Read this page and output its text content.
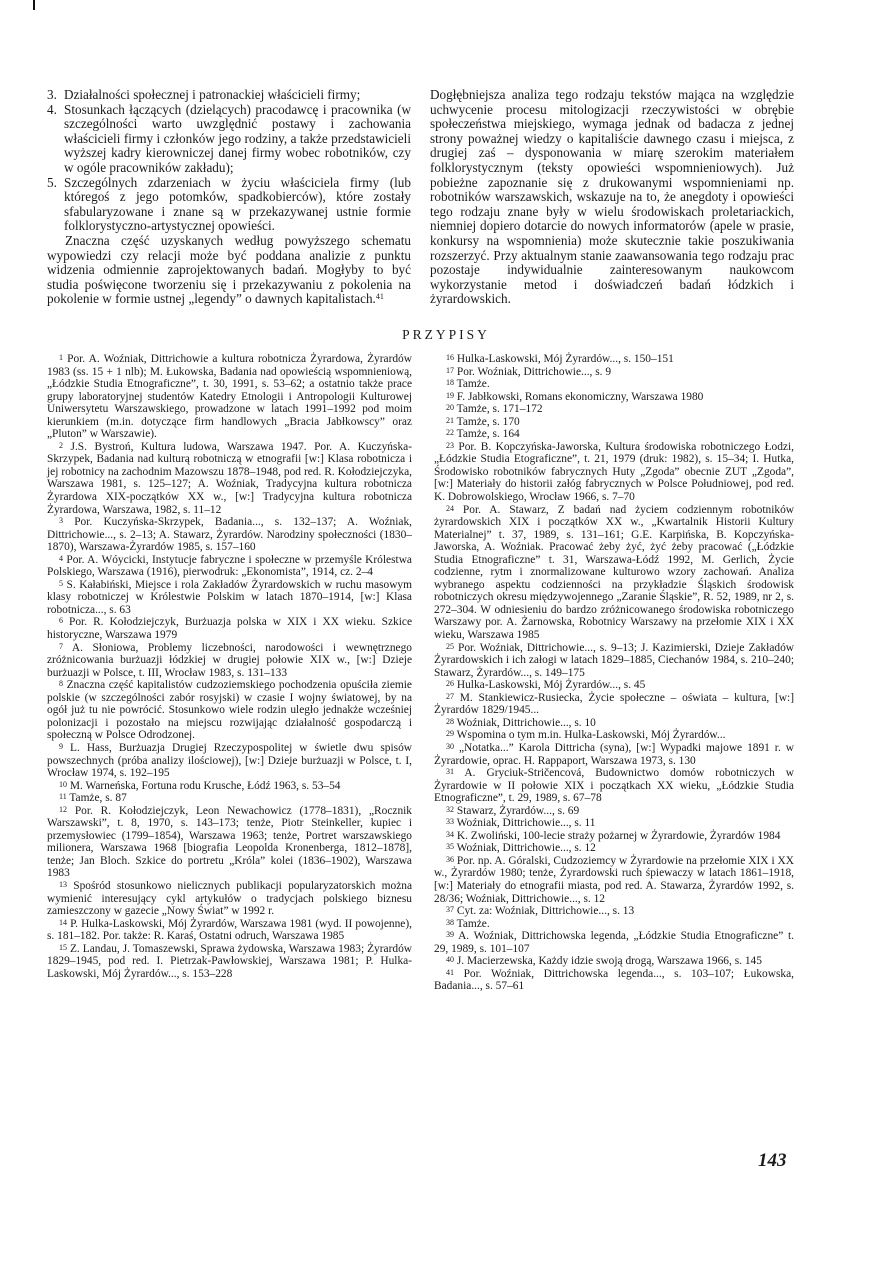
3. Działalności społecznej i patronackiej właścicieli firmy;
4. Stosunkach łączących (dzielących) pracodawcę i pracownika (w szczególności warto uwzględnić postawy i zachowania właścicieli firmy i członków jego rodziny, a także przedstawicieli wyższej kadry kierowniczej danej firmy wobec robotników, czy w ogóle pracowników zakładu);
5. Szczególnych zdarzeniach w życiu właściciela firmy (lub któregoś z jego potomków, spadkobierców), które zostały sfabularyzowane i znane są w przekazywanej ustnie formie folklorystyczno-artystycznej opowieści.

Znaczna część uzyskanych według powyższego schematu wypowiedzi czy relacji może być poddana analizie z punktu widzenia odmiennie zaprojektowanych badań. Mogłyby to być studia poświęcone tworzeniu się i przekazywaniu z pokolenia na pokolenie w formie ustnej „legendy” o dawnych kapitalistach.$^{41}$

Dogłębniejsza analiza tego rodzaju tekstów mająca na względzie uchwycenie procesu mitologizacji rzeczywistości w obrębie społeczeństwa miejskiego, wymaga jednak od badacza z jednej strony poważnej wiedzy o kapitaliście dawnego czasu i miejsca, z drugiej zaś – dysponowania w miarę szerokim materiałem folklorystycznym (teksty opowieści wspomnieniowych). Już pobieżne zapoznanie się z drukowanymi wspomnieniami np. robotników warszawskich, wskazuje na to, że anegdoty i opowieści tego rodzaju znane były w wielu środowiskach proletariackich, niemniej dopiero dotarcie do nowych informatorów (apele w prasie, konkursy na wspomnienia) może skutecznie takie poszukiwania rozszerzyć. Przy aktualnym stanie zaawansowania tego rodzaju prac pozostaje indywidualnie zainteresowanym naukowcom wykorzystanie metod i doświadczeń badań łódzkich i żyrardowskich.

PRZYPISY

$^1$ Por. A. Woźniak, Dittrichowie a kultura robotnicza Żyrardowa, Żyrardów 1983 (ss. 15 + 1 nlb); M. Łukowska, Badania nad opowieścią wspomnieniową, „Łódzkie Studia Etnograficzne”, t. 30, 1991, s. 53–62; a ostatnio także prace grupy laboratoryjnej studentów Katedry Etnologii i Antropologii Kulturowej Uniwersytetu Warszawskiego, prowadzone w latach 1991–1992 pod moim kierunkiem (m.in. dotyczące firm handlowych „Bracia Jabłkowscy” oraz „Pluton” w Warszawie).

$^2$ J.S. Bystroń, Kultura ludowa, Warszawa 1947. Por. A. Kuczyńska-Skrzypek, Badania nad kulturą robotniczą w etnografii [w:] Klasa robotnicza i jej robotnicy na zachodnim Mazowszu 1878–1948, pod red. R. Kołodziejczyka, Warszawa 1981, s. 125–127; A. Woźniak, Tradycyjna kultura robotnicza Żyrardowa XIX-początków XX w., [w:] Tradycyjna kultura robotnicza Żyrardowa, Warszawa, 1982, s. 11–12

$^3$ Por. Kuczyńska-Skrzypek, Badania..., s. 132–137; A. Woźniak, Dittrichowie..., s. 2–13; A. Stawarz, Żyrardów. Narodziny społeczności (1830–1870), Warszawa-Żyrardów 1985, s. 157–160

$^4$ Por. A. Wóycicki, Instytucje fabryczne i społeczne w przemyśle Królestwa Polskiego, Warszawa (1916), pierwodruk: „Ekonomista”, 1914, cz. 2–4

$^5$ S. Kałabiński, Miejsce i rola Zakładów Żyrardowskich w ruchu masowym klasy robotniczej w Królestwie Polskim w latach 1870–1914, [w:] Klasa robotnicza..., s. 63

$^6$ Por. R. Kołodziejczyk, Burżuazja polska w XIX i XX wieku. Szkice historyczne, Warszawa 1979

$^7$ A. Słoniowa, Problemy liczebności, narodowości i wewnętrznego zróżnicowania burżuazji łódzkiej w drugiej połowie XIX w., [w:] Dzieje burżuazji w Polsce, t. III, Wrocław 1983, s. 131–133

$^8$ Znaczna część kapitalistów cudzoziemskiego pochodzenia opuściła ziemie polskie (w szczególności zabór rosyjski) w czasie I wojny światowej, by na ogół już tu nie powrócić. Stosunkowo wiele rodzin uległo jednakże wcześniej polonizacji i pozostało na miejscu rozwijając działalność gospodarczą i społeczną w Polsce Odrodzonej.

$^9$ L. Hass, Burżuazja Drugiej Rzeczypospolitej w świetle dwu spisów powszechnych (próba analizy ilościowej), [w:] Dzieje burżuazji w Polsce, t. I, Wrocław 1974, s. 192–195

$^{10}$ M. Warneńska, Fortuna rodu Krusche, Łódź 1963, s. 53–54

$^{11}$ Tamże, s. 87

$^{12}$ Por. R. Kołodziejczyk, Leon Newachowicz (1778–1831), „Rocznik Warszawski”, t. 8, 1970, s. 143–173; tenże, Piotr Steinkeller, kupiec i przemysłowiec (1799–1854), Warszawa 1963; tenże, Portret warszawskiego milionera, Warszawa 1968 [biografia Leopolda Kronenberga, 1812–1878], tenże; Jan Bloch. Szkice do portretu „Króla” kolei (1836–1902), Warszawa 1983

$^{13}$ Spośród stosunkowo nielicznych publikacji popularyzatorskich można wymienić interesujący cykl artykułów o tradycjach polskiego biznesu zamieszczony w gazecie „Nowy Świat” w 1992 r.

$^{14}$ P. Hulka-Laskowski, Mój Żyrardów, Warszawa 1981 (wyd. II powojenne), s. 181–182. Por. także: R. Karaś, Ostatni odruch, Warszawa 1985

$^{15}$ Z. Landau, J. Tomaszewski, Sprawa żydowska, Warszawa 1983; Żyrardów 1829–1945, pod red. I. Pietrzak-Pawłowskiej, Warszawa 1981; P. Hulka-Laskowski, Mój Żyrardów..., s. 153–228

$^{16}$ Hulka-Laskowski, Mój Żyrardów..., s. 150–151

$^{17}$ Por. Woźniak, Dittrichowie..., s. 9

$^{18}$ Tamże.

$^{19}$ F. Jabłkowski, Romans ekonomiczny, Warszawa 1980

$^{20}$ Tamże, s. 171–172

$^{21}$ Tamże, s. 170

$^{22}$ Tamże, s. 164

$^{23}$ Por. B. Kopczyńska-Jaworska, Kultura środowiska robotniczego Łodzi, „Łódzkie Studia Etograficzne”, t. 21, 1979 (druk: 1982), s. 15–34; I. Hutka, Środowisko robotników fabrycznych Huty „Zgoda” obecnie ZUT „Zgoda”, [w:] Materiały do historii załóg fabrycznych w Polsce Południowej, pod red. K. Dobrowolskiego, Wrocław 1966, s. 7–70

$^{24}$ Por. A. Stawarz, Z badań nad życiem codziennym robotników żyrardowskich XIX i początków XX w., „Kwartalnik Historii Kultury Materialnej” t. 37, 1989, s. 131–161; G.E. Karpińska, B. Kopczyńska-Jaworska, A. Woźniak. Pracować żeby żyć, żyć żeby pracować („Łódzkie Studia Etnograficzne” t. 31, Warszawa-Łódź 1992, M. Gerlich, Życie codzienne, rytm i znormalizowane kulturowo wzory zachowań. Analiza wybranego aspektu codzienności na przykładzie Śląskich środowisk robotniczych okresu międzywojennego „Zaranie Śląskie”, R. 52, 1989, nr 2, s. 272–304. W odniesieniu do bardzo zróżnicowanego środowiska robotniczego Warszawy por. A. Żarnowska, Robotnicy Warszawy na przełomie XIX i XX wieku, Warszawa 1985

$^{25}$ Por. Woźniak, Dittrichowie..., s. 9–13; J. Kazimierski, Dzieje Zakładów Żyrardowskich i ich załogi w latach 1829–1885, Ciechanów 1984, s. 210–240; Stawarz, Żyrardów..., s. 149–175

$^{26}$ Hulka-Laskowski, Mój Żyrardów..., s. 45

$^{27}$ M. Stankiewicz-Rusiecka, Życie społeczne – oświata – kultura, [w:] Żyrardów 1829/1945...

$^{28}$ Woźniak, Dittrichowie..., s. 10

$^{29}$ Wspomina o tym m.in. Hulka-Laskowski, Mój Żyrardów...

$^{30}$ „Notatka...” Karola Dittricha (syna), [w:] Wypadki majowe 1891 r. w Żyrardowie, oprac. H. Rappaport, Warszawa 1973, s. 130

$^{31}$ A. Gryciuk-Stričencová, Budownictwo domów robotniczych w Żyrardowie w II połowie XIX i początkach XX wieku, „Łódzkie Studia Etnograficzne”, t. 29, 1989, s. 67–78

$^{32}$ Stawarz, Żyrardów..., s. 69

$^{33}$ Woźniak, Dittrichowie..., s. 11

$^{34}$ K. Zwoliński, 100-lecie straży pożarnej w Żyrardowie, Żyrardów 1984

$^{35}$ Woźniak, Dittrichowie..., s. 12

$^{36}$ Por. np. A. Góralski, Cudzoziemcy w Żyrardowie na przełomie XIX i XX w., Żyrardów 1980; tenże, Żyrardowski ruch śpiewaczy w latach 1861–1918, [w:] Materiały do etnografii miasta, pod red. A. Stawarza, Żyrardów 1992, s. 28/36; Woźniak, Dittrichowie..., s. 12

$^{37}$ Cyt. za: Woźniak, Dittrichowie..., s. 13

$^{38}$ Tamże.

$^{39}$ A. Woźniak, Dittrichowska legenda, „Łódzkie Studia Etnograficzne” t. 29, 1989, s. 101–107

$^{40}$ J. Macierzewska, Każdy idzie swoją drogą, Warszawa 1966, s. 145

$^{41}$ Por. Woźniak, Dittrichowska legenda..., s. 103–107; Łukowska, Badania..., s. 57–61

143
